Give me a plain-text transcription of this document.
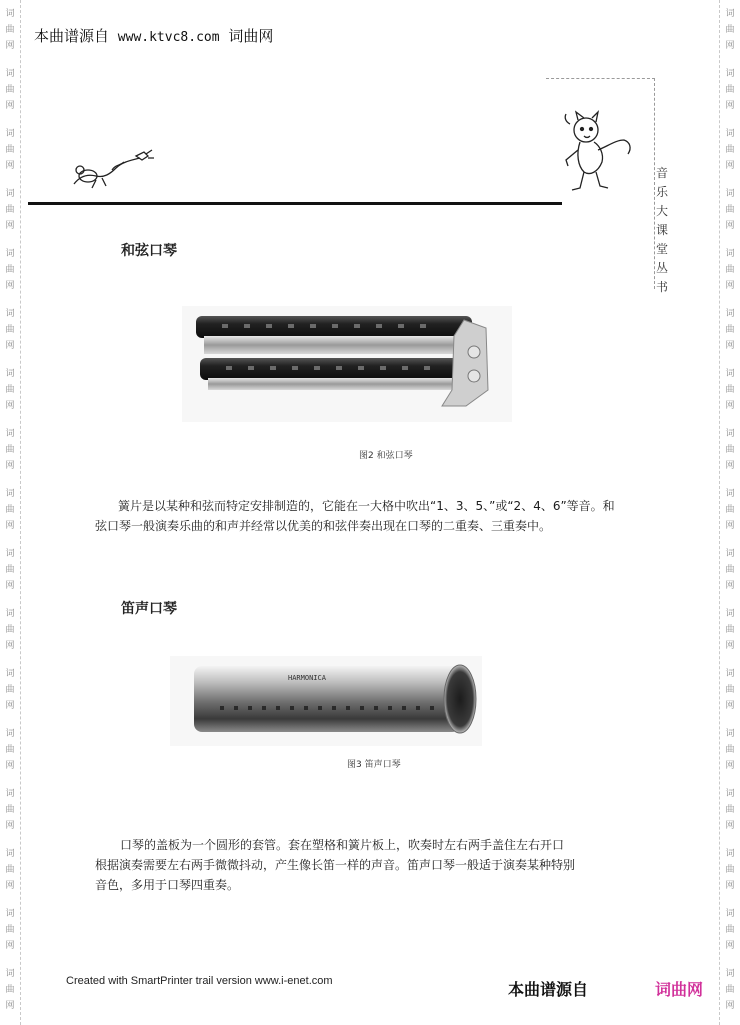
词
曲
网
词
曲
网
词
曲
网
词
曲
网
词
曲
网
词
曲
网
词
曲
网
词
曲
网
词
曲
网
词
曲
网
词
曲
网
词
曲
网
词
曲
网
词
曲
网
词
曲
网
词
曲
网
词
曲
网
词
曲
网
词
曲
网
词
曲
网
词
曲
网
词
曲
网
词
曲
网
词
曲
网
词
曲
网
词
曲
网
词
曲
网
词
曲
网
词
曲
网
词
曲
网
词
曲
网
词
曲
网
词
曲
网
词
曲
网
本曲谱源自 www.ktvc8.com 词曲网
音
乐
大
课
堂
丛
书
和弦口琴
图2 和弦口琴
簧片是以某种和弦而特定安排制造的，它能在一大格中吹出“1、3、5、”或“2、4、6”等音。和
弦口琴一般演奏乐曲的和声并经常以优美的和弦伴奏出现在口琴的二重奏、三重奏中。
笛声口琴
HARMONICA
图3 笛声口琴
口琴的盖板为一个圆形的套管。套在塑格和簧片板上，吹奏时左右两手盖住左右开口
根据演奏需要左右两手微微抖动，产生像长笛一样的声音。笛声口琴一般适于演奏某种特别
音色，多用于口琴四重奏。
Created with SmartPrinter trail version www.i-enet.com	本曲谱源自	词曲网
